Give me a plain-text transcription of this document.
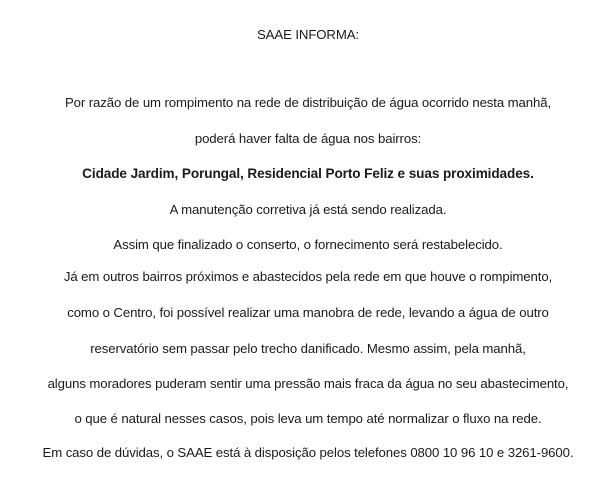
SAAE INFORMA:
Por razão de um rompimento na rede de distribuição de água ocorrido nesta manhã,
poderá haver falta de água nos bairros:
Cidade Jardim, Porungal, Residencial Porto Feliz e suas proximidades.
A manutenção corretiva já está sendo realizada.
Assim que finalizado o conserto, o fornecimento será restabelecido.
Já em outros bairros próximos e abastecidos pela rede em que houve o rompimento,
como o Centro, foi possível realizar uma manobra de rede, levando a água de outro
reservatório sem passar pelo trecho danificado. Mesmo assim, pela manhã,
alguns moradores puderam sentir uma pressão mais fraca da água no seu abastecimento,
o que é natural nesses casos, pois leva um tempo até normalizar o fluxo na rede.
Em caso de dúvidas, o SAAE está à disposição pelos telefones 0800 10 96 10 e 3261-9600.
